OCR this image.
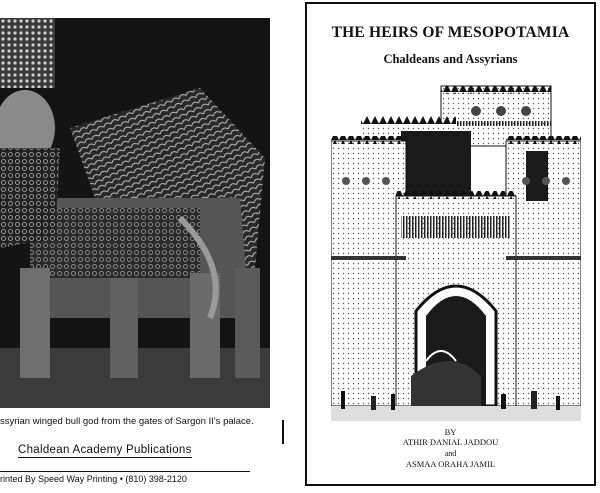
ssyrian winged bull god from the gates of Sargon II's palace.
Chaldean Academy Publications
rinted By Speed Way Printing • (810) 398-2120
THE HEIRS OF MESOPOTAMIA
Chaldeans and Assyrians
BY
ATHIR DANIAL JADDOU
and
ASMAA ORAHA JAMIL
